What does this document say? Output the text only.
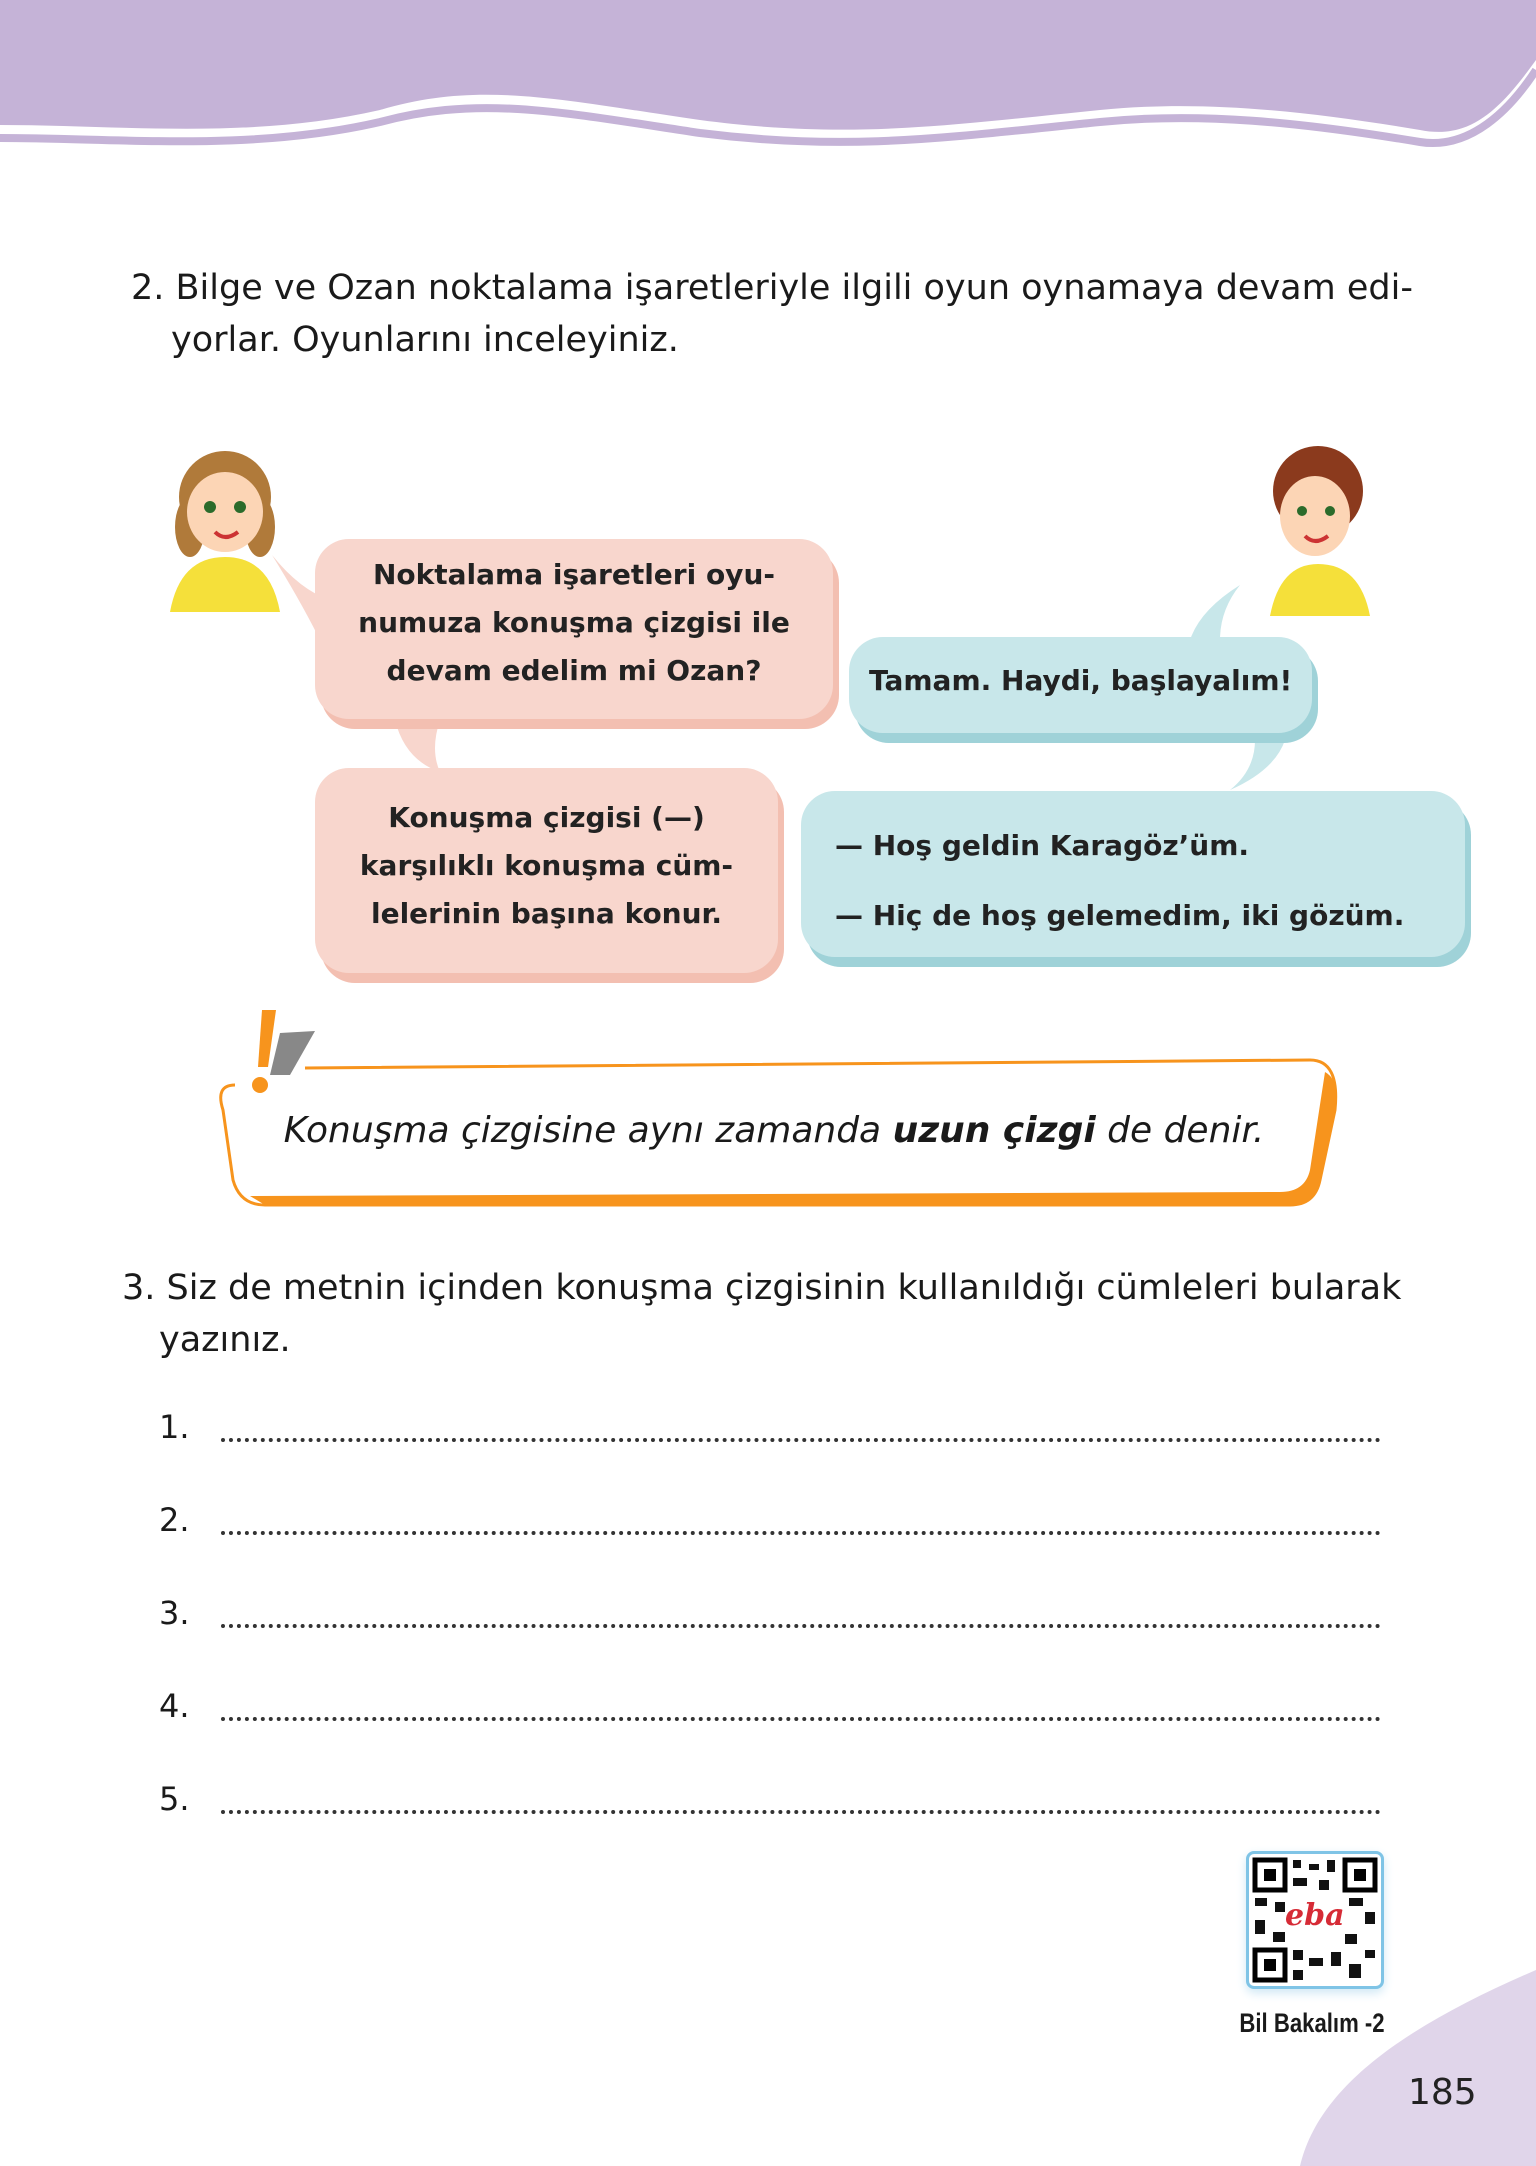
2. Bilge ve Ozan noktalama işaretleriyle ilgili oyun oynamaya devam edi-
yorlar. Oyunlarını inceleyiniz.
Noktalama işaretleri oyu-
numuza konuşma çizgisi ile
devam edelim mi Ozan?	Tamam. Haydi, başlayalım!
Konuşma çizgisi (—)
karşılıklı konuşma cüm-
lelerinin başına konur.
— Hoş geldin Karagöz’üm.
— Hiç de hoş gelemedim, iki gözüm.
Konuşma çizgisine aynı zamanda uzun çizgi de denir.
3. Siz de metnin içinden konuşma çizgisinin kullanıldığı cümleleri bularak
yazınız.
1.
2.
3.
4.
5.
eba
Bil Bakalım -2
185
